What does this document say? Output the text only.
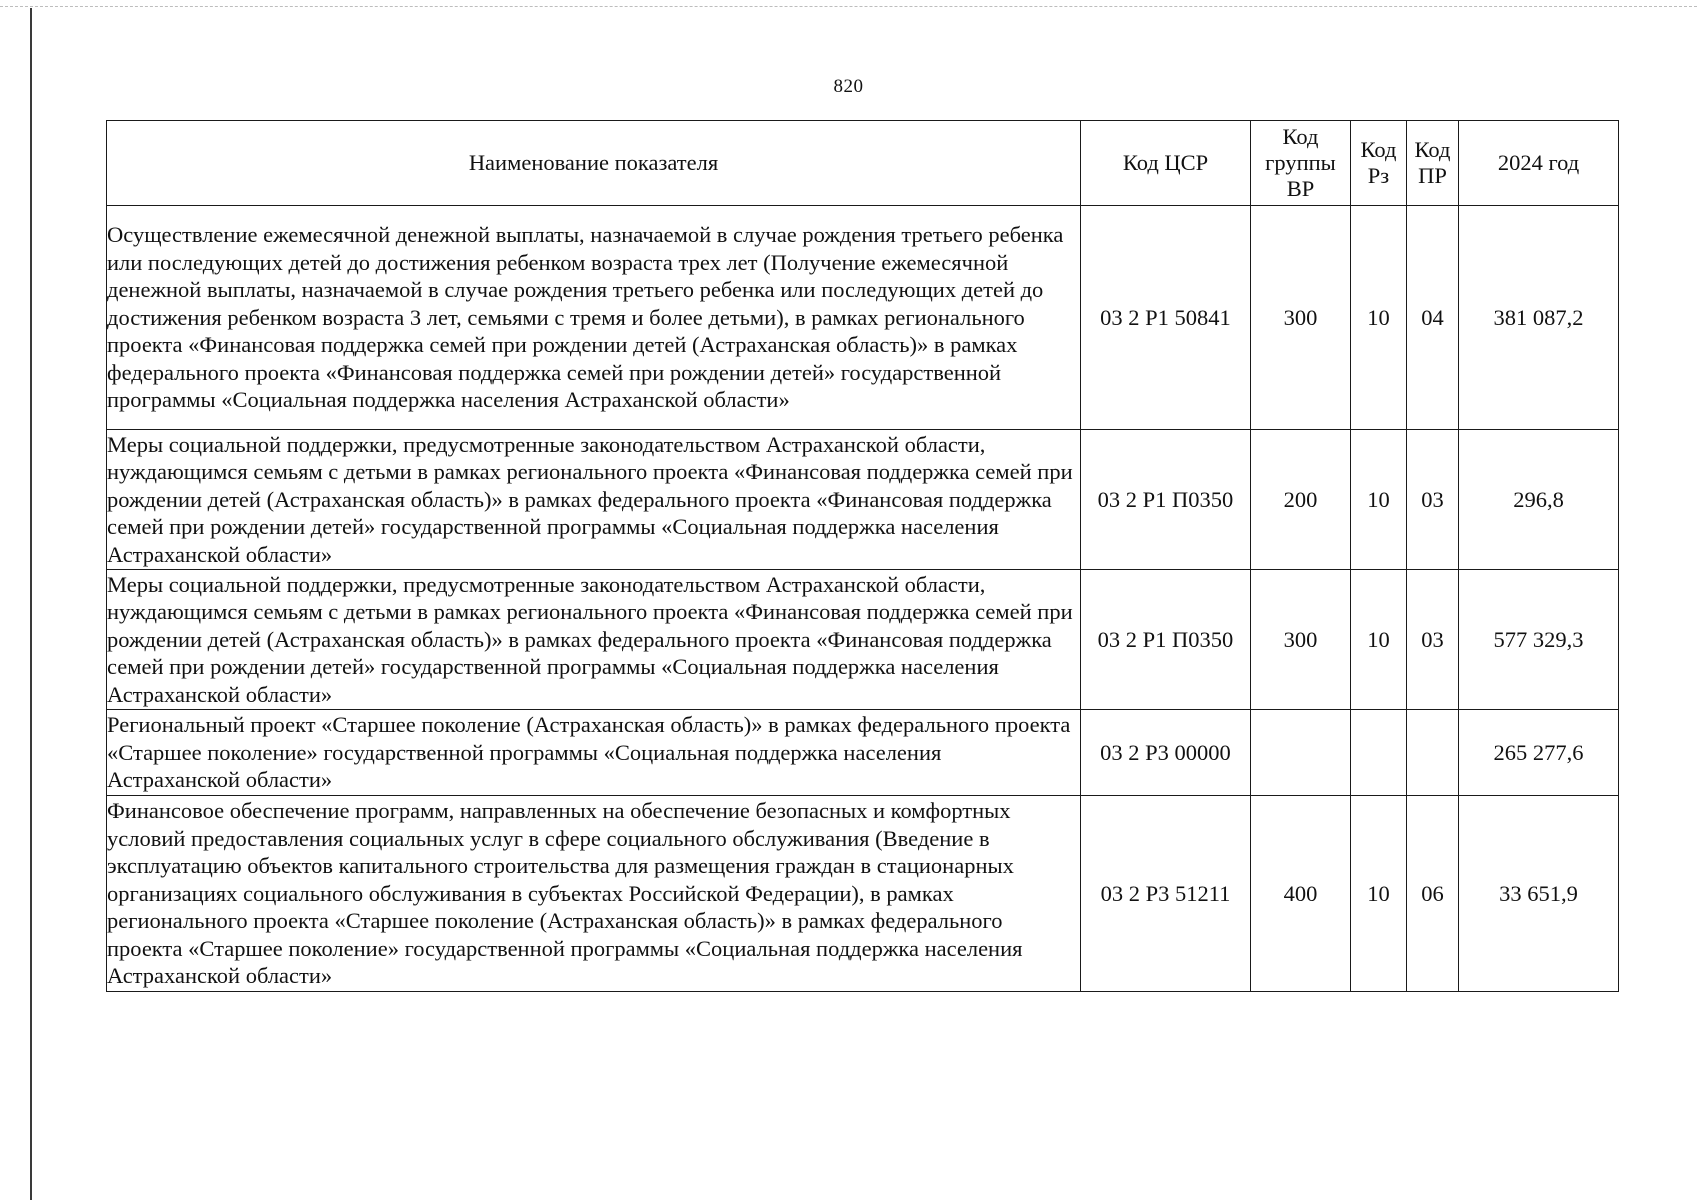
820
Наименование показателя	Код ЦСР	Код группы ВР	Код Рз	Код ПР	2024 год
Осуществление ежемесячной денежной выплаты, назначаемой в случае рождения третьего ребенка или последующих детей до достижения ребенком возраста трех лет (Получение ежемесячной денежной выплаты, назначаемой в случае рождения третьего ребенка или последующих детей до достижения ребенком возраста 3 лет, семьями с тремя и более детьми), в рамках регионального проекта «Финансовая поддержка семей при рождении детей (Астраханская область)» в рамках федерального проекта «Финансовая поддержка семей при рождении детей» государственной программы «Социальная поддержка населения Астраханской области»	03 2 P1 50841	300	10	04	381 087,2
Меры социальной поддержки, предусмотренные законодательством Астраханской области, нуждающимся семьям с детьми в рамках регионального проекта «Финансовая поддержка семей при рождении детей (Астраханская область)» в рамках федерального проекта «Финансовая поддержка семей при рождении детей» государственной программы «Социальная поддержка населения Астраханской области»	03 2 P1 П0350	200	10	03	296,8
Меры социальной поддержки, предусмотренные законодательством Астраханской области, нуждающимся семьям с детьми в рамках регионального проекта «Финансовая поддержка семей при рождении детей (Астраханская область)» в рамках федерального проекта «Финансовая поддержка семей при рождении детей» государственной программы «Социальная поддержка населения Астраханской области»	03 2 P1 П0350	300	10	03	577 329,3
Региональный проект «Старшее поколение (Астраханская область)» в рамках федерального проекта «Старшее поколение» государственной программы «Социальная поддержка населения Астраханской области»	03 2 P3 00000				265 277,6
Финансовое обеспечение программ, направленных на обеспечение безопасных и комфортных условий предоставления социальных услуг в сфере социального обслуживания (Введение в эксплуатацию объектов капитального строительства для размещения граждан в стационарных организациях социального обслуживания в субъектах Российской Федерации), в рамках регионального проекта «Старшее поколение (Астраханская область)» в рамках федерального проекта «Старшее поколение» государственной программы «Социальная поддержка населения Астраханской области»	03 2 P3 51211	400	10	06	33 651,9
